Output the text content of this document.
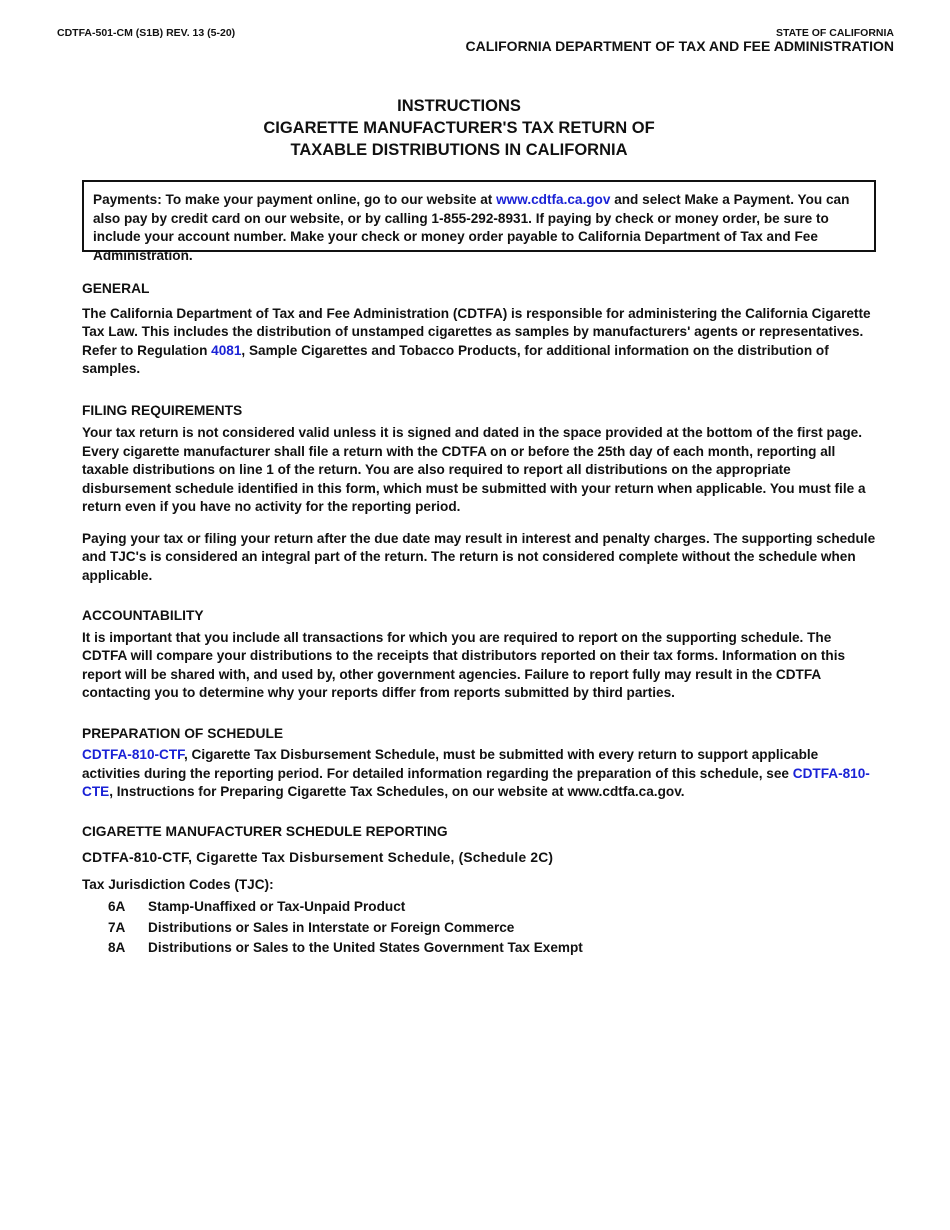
CDTFA-501-CM (S1B) REV. 13 (5-20)	STATE OF CALIFORNIA
CALIFORNIA DEPARTMENT OF TAX AND FEE ADMINISTRATION
INSTRUCTIONS
CIGARETTE MANUFACTURER'S TAX RETURN OF
TAXABLE DISTRIBUTIONS IN CALIFORNIA
Payments: To make your payment online, go to our website at www.cdtfa.ca.gov and select Make a Payment. You can also pay by credit card on our website, or by calling 1-855-292-8931. If paying by check or money order, be sure to include your account number. Make your check or money order payable to California Department of Tax and Fee Administration.
GENERAL
The California Department of Tax and Fee Administration (CDTFA) is responsible for administering the California Cigarette Tax Law. This includes the distribution of unstamped cigarettes as samples by manufacturers' agents or representatives. Refer to Regulation 4081, Sample Cigarettes and Tobacco Products, for additional information on the distribution of samples.
FILING REQUIREMENTS
Your tax return is not considered valid unless it is signed and dated in the space provided at the bottom of the first page. Every cigarette manufacturer shall file a return with the CDTFA on or before the 25th day of each month, reporting all taxable distributions on line 1 of the return. You are also required to report all distributions on the appropriate disbursement schedule identified in this form, which must be submitted with your return when applicable. You must file a return even if you have no activity for the reporting period.
Paying your tax or filing your return after the due date may result in interest and penalty charges. The supporting schedule and TJC's is considered an integral part of the return. The return is not considered complete without the schedule when applicable.
ACCOUNTABILITY
It is important that you include all transactions for which you are required to report on the supporting schedule. The CDTFA will compare your distributions to the receipts that distributors reported on their tax forms. Information on this report will be shared with, and used by, other government agencies. Failure to report fully may result in the CDTFA contacting you to determine why your reports differ from reports submitted by third parties.
PREPARATION OF SCHEDULE
CDTFA-810-CTF, Cigarette Tax Disbursement Schedule, must be submitted with every return to support applicable activities during the reporting period. For detailed information regarding the preparation of this schedule, see CDTFA-810-CTE, Instructions for Preparing Cigarette Tax Schedules, on our website at www.cdtfa.ca.gov.
CIGARETTE MANUFACTURER SCHEDULE REPORTING
CDTFA-810-CTF, Cigarette Tax Disbursement Schedule, (Schedule 2C)
Tax Jurisdiction Codes (TJC):
6A	Stamp-Unaffixed or Tax-Unpaid Product
7A	Distributions or Sales in Interstate or Foreign Commerce
8A	Distributions or Sales to the United States Government Tax Exempt
